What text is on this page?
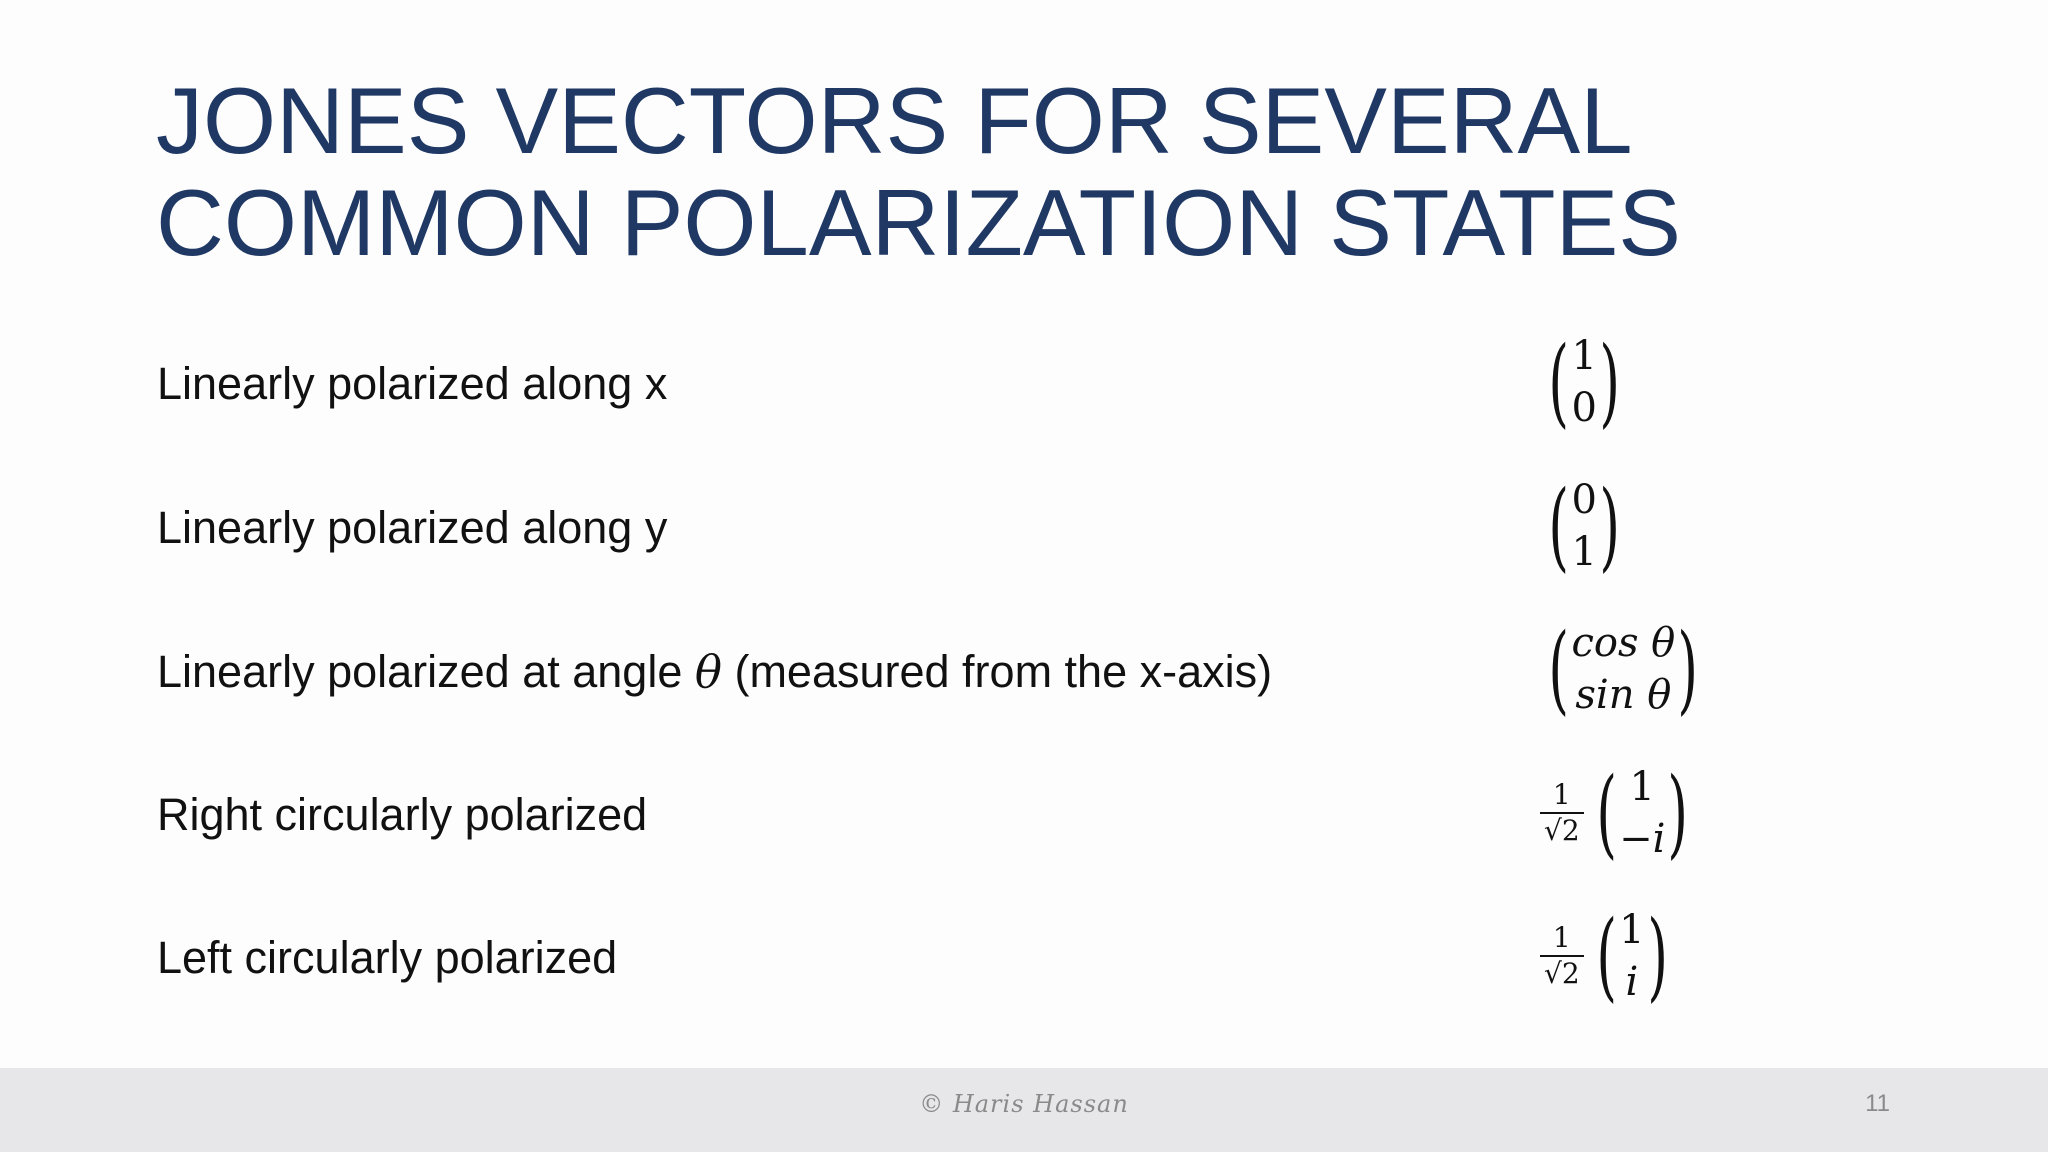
JONES VECTORS FOR SEVERAL
COMMON POLARIZATION STATES
Linearly polarized along x	( 1
0 )
Linearly polarized along y	( 0
1 )
Linearly polarized at angle θ (measured from the x-axis)	( cos θ
sin θ )
Right circularly polarized	$\frac{1}{√2}$ ( 1
−i )
Left circularly polarized	$\frac{1}{√2}$ ( 1
i )
© Haris Hassan	11
